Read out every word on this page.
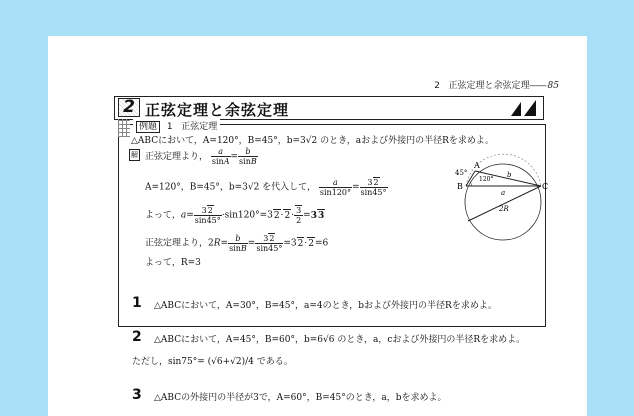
2 正弦定理と余弦定理―― 85
2 正弦定理と余弦定理
例題 1 正弦定理
△ABCにおいて，A=120°，B=45°，b=3√2 のとき，aおよび外接円の半径Rを求めよ。
解 正弦定理より， $\frac{a}{\sin A} = \frac{b}{\sin B}$
A=120°，B=45°，b=3√2 を代入して， $\frac{a}{\sin 120^\circ} = \frac{32}{\sin 45^\circ}$
よって，$a= \frac{32}{\sin 45^\circ} \cdot\sin 120^\circ=32\cdot 2\cdot \frac{3}{2} =33$
正弦定理より，$2R= \frac{b}{\sin B} = \frac{32}{\sin 45^\circ} =32\cdot 2=6$
よって，R=3
45°
A
B	C
120°
b
a
2R
1 △ABCにおいて，A=30°，B=45°，a=4のとき，bおよび外接円の半径Rを求めよ。
2 △ABCにおいて，A=45°，B=60°，b=6√6 のとき，a，cおよび外接円の半径Rを求めよ。
ただし，sin75°= (√6+√2)/4 である。
3 △ABCの外接円の半径が3で，A=60°，B=45°のとき，a，bを求めよ。
